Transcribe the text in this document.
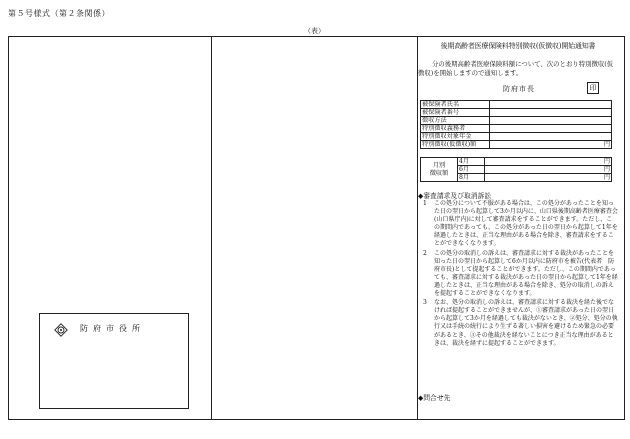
第５号様式（第２条関係）
（表）
防府市役所
後期高齢者医療保険料特別徴収(仮徴収)開始通知書
分の後期高齢者医療保険料額について、次のとおり特別徴収(仮徴収)を開始しますので通知します。
防府市長	印
被保険者氏名	
被保険者番号	
徴収方法	
特別徴収義務者	
特別徴収対象年金	
特別徴収(仮徴収)額	円
月別
徴収額	4月	円
	6月	円
	8月	円
◆審査請求及び取消訴訟
1 この処分について不服がある場合は、この処分があったことを知った日の翌日から起算して3か月以内に、山口県後期高齢者医療審査会(山口県庁内)に対して審査請求をすることができます。ただし、この期間内であっても、この処分があった日の翌日から起算して1年を経過したときは、正当な理由がある場合を除き、審査請求をすることができなくなります。
2 この処分の取消しの訴えは、審査請求に対する裁決があったことを知った日の翌日から起算して6か月以内に防府市を被告(代表者　防府市長)として提起することができます。ただし、この期間内であっても、審査請求に対する裁決があった日の翌日から起算して1年を経過したときは、正当な理由がある場合を除き、処分の取消しの訴えを提起することができなくなります。
3 なお、処分の取消しの訴えは、審査請求に対する裁決を経た後でなければ提起することができませんが、①審査請求があった日の翌日から起算して3か月を経過しても裁決がないとき、②処分、処分の執行又は手続の続行により生ずる著しい損害を避けるため緊急の必要があるとき、③その他裁決を経ないことにつき正当な理由があるときは、裁決を経ずに提起することができます。
◆問合せ先
